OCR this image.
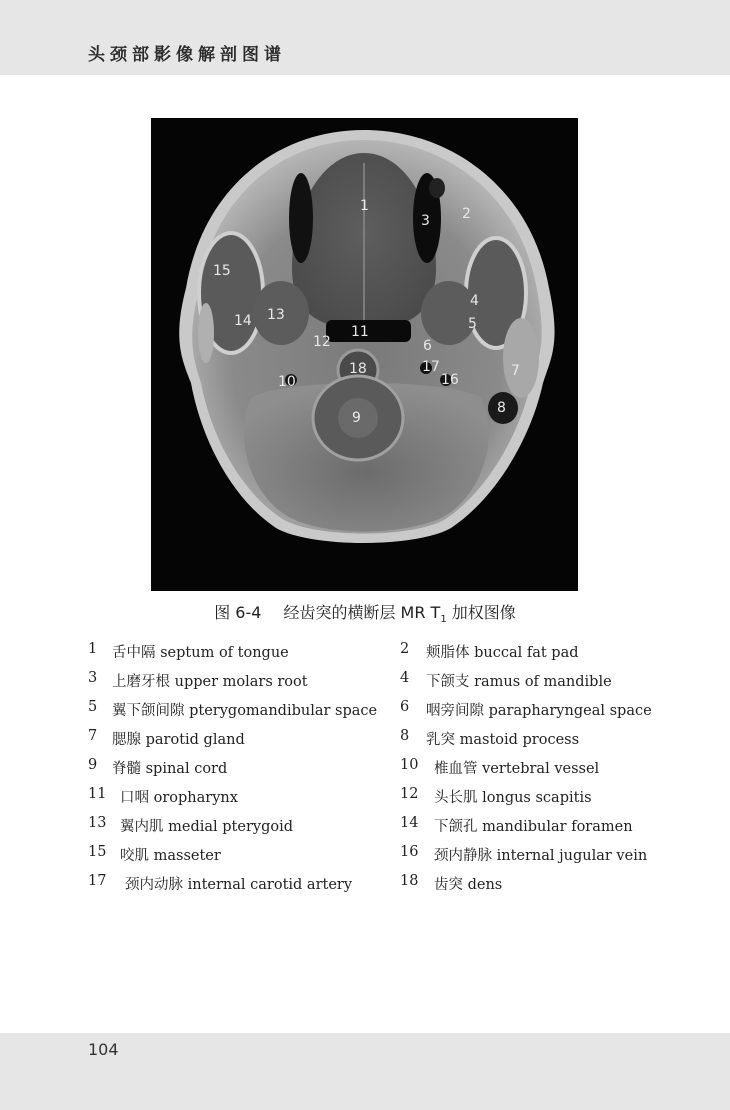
头颈部影像解剖图谱
1	2
3
4
5
6
7
8
9
10
11
12
13
14
15
16
17
18
图 6-4 经齿突的横断层 MR $T_1$ 加权图像
1 舌中隔 septum of tongue	2 颊脂体 buccal fat pad
3 上磨牙根 upper molars root	4 下颌支 ramus of mandible
5 翼下颌间隙 pterygomandibular space 6 咽旁间隙 parapharyngeal space
7 腮腺 parotid gland	8 乳突 mastoid process
9 脊髓 spinal cord	10 椎血管 vertebral vessel
11 口咽 oropharynx	12 头长肌 longus scapitis
13 翼内肌 medial pterygoid	14 下颌孔 mandibular foramen
15 咬肌 masseter	16 颈内静脉 internal jugular vein
17 颈内动脉 internal carotid artery	18 齿突 dens
104
